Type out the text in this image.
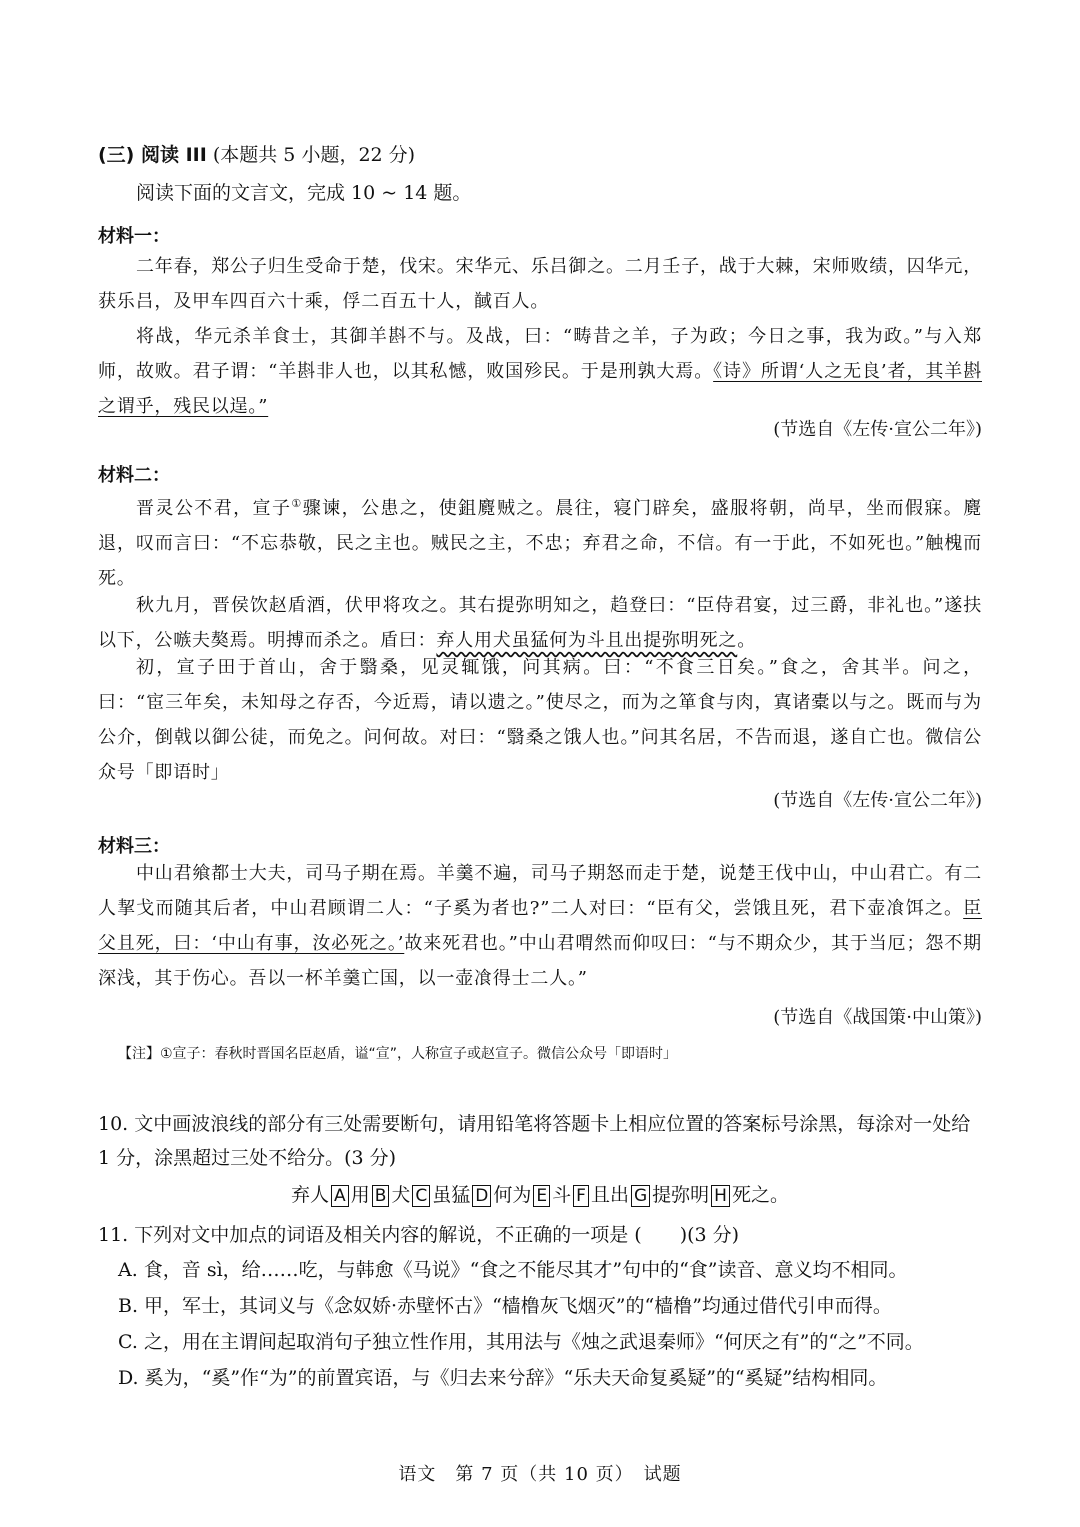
(三) 阅读 III (本题共 5 小题，22 分)
阅读下面的文言文，完成 10 ~ 14 题。
材料一：
二年春，郑公子归生受命于楚，伐宋。宋华元、乐吕御之。二月壬子，战于大棘，宋师败绩，囚华元，获乐吕，及甲车四百六十乘，俘二百五十人，馘百人。
将战，华元杀羊食士，其御羊斟不与。及战，曰：“畴昔之羊，子为政；今日之事，我为政。”与入郑师，故败。君子谓：“羊斟非人也，以其私憾，败国殄民。于是刑孰大焉。《诗》所谓‘人之无良’者，其羊斟之谓乎，残民以逞。”
(节选自《左传·宣公二年》)
材料二：
晋灵公不君，宣子①骤谏，公患之，使鉏麑贼之。晨往，寝门辟矣，盛服将朝，尚早，坐而假寐。麑退，叹而言曰：“不忘恭敬，民之主也。贼民之主，不忠；弃君之命，不信。有一于此，不如死也。”触槐而死。
秋九月，晋侯饮赵盾酒，伏甲将攻之。其右提弥明知之，趋登曰：“臣侍君宴，过三爵，非礼也。”遂扶以下，公嗾夫獒焉。明搏而杀之。盾曰：弃人用犬虽猛何为斗且出提弥明死之。
初，宣子田于首山，舍于翳桑，见灵辄饿，问其病。曰：“不食三日矣。”食之，舍其半。问之，曰：“宦三年矣，未知母之存否，今近焉，请以遗之。”使尽之，而为之箪食与肉，寘诸橐以与之。既而与为公介，倒戟以御公徒，而免之。问何故。对曰：“翳桑之饿人也。”问其名居，不告而退，遂自亡也。微信公众号「即语时」
(节选自《左传·宣公二年》)
材料三：
中山君飨都士大夫，司马子期在焉。羊羹不遍，司马子期怒而走于楚，说楚王伐中山，中山君亡。有二人挈戈而随其后者，中山君顾谓二人：“子奚为者也?”二人对曰：“臣有父，尝饿且死，君下壶飡饵之。臣父且死，曰：‘中山有事，汝必死之。’故来死君也。”中山君喟然而仰叹曰：“与不期众少，其于当厄；怨不期深浅，其于伤心。吾以一杯羊羹亡国，以一壶飡得士二人。”
(节选自《战国策·中山策》)
【注】①宣子：春秋时晋国名臣赵盾，谥“宣”，人称宣子或赵宣子。微信公众号「即语时」
10. 文中画波浪线的部分有三处需要断句，请用铅笔将答题卡上相应位置的答案标号涂黑，每涂对一处给 1 分，涂黑超过三处不给分。(3 分)
弃人 A 用 B 犬 C 虽猛 D 何为 E 斗 F 且出 G 提弥明 H 死之。
11. 下列对文中加点的词语及相关内容的解说，不正确的一项是 (　　)(3 分)
A. 食，音 sì，给……吃，与韩愈《马说》“食之不能尽其才”句中的“食”读音、意义均不相同。
B. 甲，军士，其词义与《念奴娇·赤壁怀古》“樯橹灰飞烟灭”的“樯橹”均通过借代引申而得。
C. 之，用在主谓间起取消句子独立性作用，其用法与《烛之武退秦师》“何厌之有”的“之”不同。
D. 奚为，“奚”作“为”的前置宾语，与《归去来兮辞》“乐夫天命复奚疑”的“奚疑”结构相同。
语文　第 7 页（共 10 页）　试题
